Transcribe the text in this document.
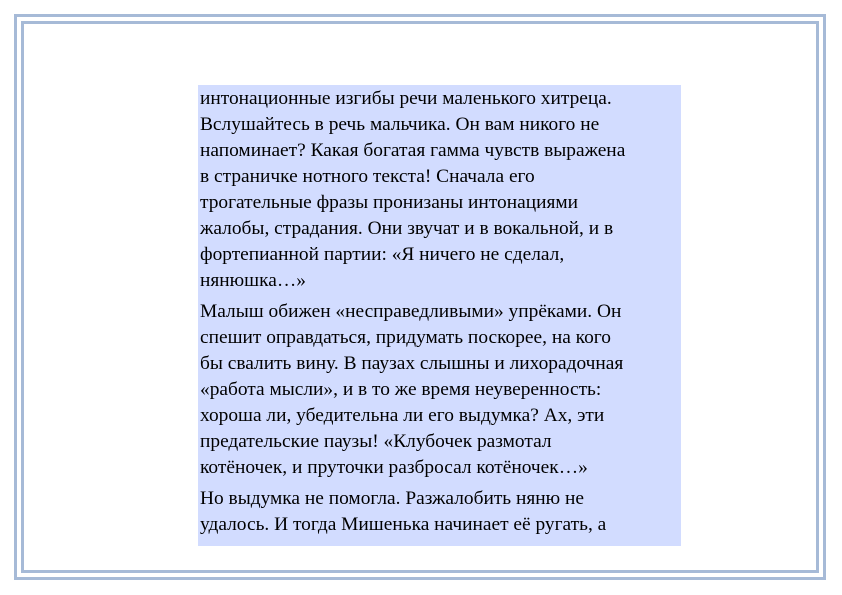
интонационные изгибы речи маленького хитреца.
Вслушайтесь в речь мальчика. Он вам никого не
напоминает? Какая богатая гамма чувств выражена
в страничке нотного текста! Сначала его
трогательные фразы пронизаны интонациями
жалобы, страдания. Они звучат и в вокальной, и в
фортепианной партии: «Я ничего не сделал,
нянюшка…»

Малыш обижен «несправедливыми» упрёками. Он
спешит оправдаться, придумать поскорее, на кого
бы свалить вину. В паузах слышны и лихорадочная
«работа мысли», и в то же время неуверенность:
хороша ли, убедительна ли его выдумка? Ах, эти
предательские паузы! «Клубочек размотал
котёночек, и пруточки разбросал котёночек…»

Но выдумка не помогла. Разжалобить няню не
удалось. И тогда Мишенька начинает её ругать, а
